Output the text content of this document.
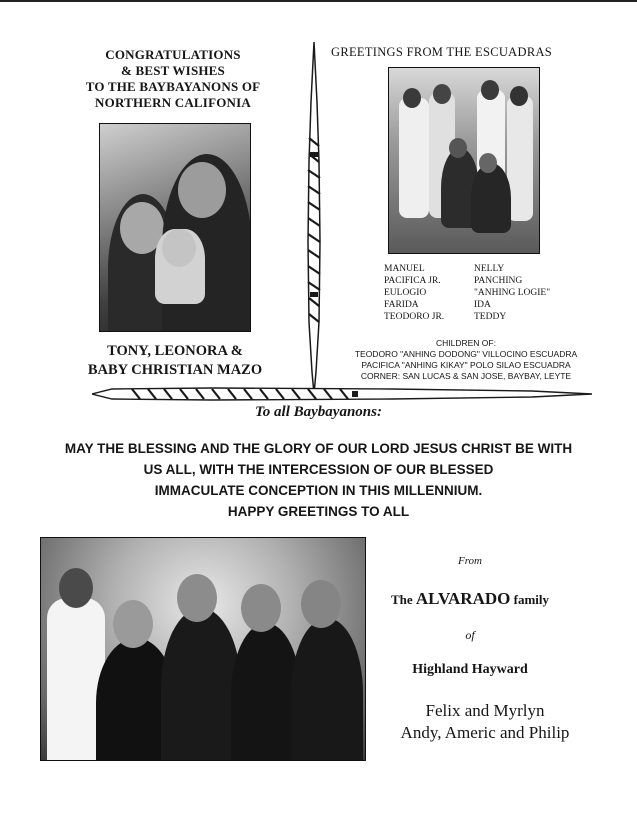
CONGRATULATIONS
& BEST WISHES
TO THE BAYBAYANONS OF
NORTHERN CALIFONIA
TONY, LEONORA &
BABY CHRISTIAN MAZO
GREETINGS FROM THE ESCUADRAS
MANUEL	NELLY
PACIFICA JR.	PANCHING
EULOGIO	"ANHING LOGIE"
FARIDA	IDA
TEODORO JR.	TEDDY
CHILDREN OF:
TEODORO "ANHING DODONG" VILLOCINO ESCUADRA
PACIFICA "ANHING KIKAY" POLO SILAO ESCUADRA
CORNER: SAN LUCAS & SAN JOSE, BAYBAY, LEYTE
To all Baybayanons:
MAY THE BLESSING AND THE GLORY OF OUR LORD JESUS CHRIST BE WITH
US ALL, WITH THE INTERCESSION OF OUR BLESSED
IMMACULATE CONCEPTION IN THIS MILLENNIUM.
HAPPY GREETINGS TO ALL
From
The ALVARADO family
of
Highland Hayward
Felix and Myrlyn
Andy, Americ and Philip
